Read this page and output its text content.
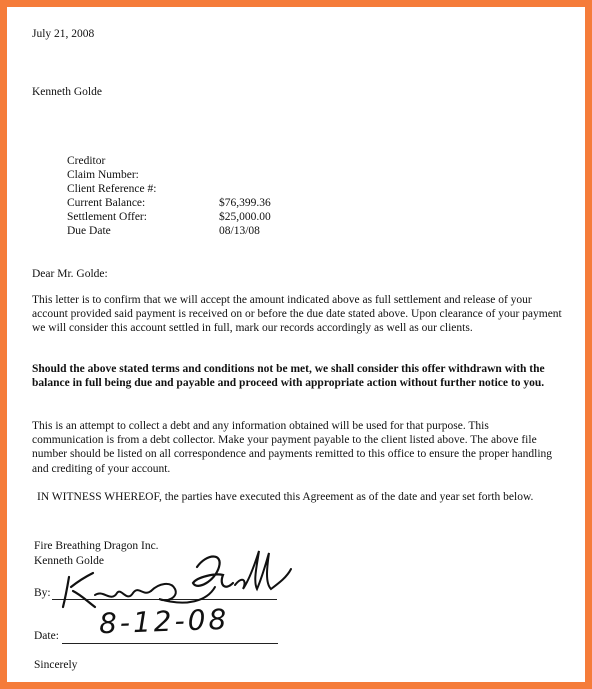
July 21, 2008
Kenneth Golde
Creditor
Claim Number:
Client Reference #:
Current Balance:	$76,399.36
Settlement Offer:	$25,000.00
Due Date	08/13/08
Dear Mr. Golde:
This letter is to confirm that we will accept the amount indicated above as full settlement and release of your account provided said payment is received on or before the due date stated above. Upon clearance of your payment we will consider this account settled in full, mark our records accordingly as well as our clients.
Should the above stated terms and conditions not be met, we shall consider this offer withdrawn with the balance in full being due and payable and proceed with appropriate action without further notice to you.
This is an attempt to collect a debt and any information obtained will be used for that purpose. This communication is from a debt collector. Make your payment payable to the client listed above. The above file number should be listed on all correspondence and payments remitted to this office to ensure the proper handling and crediting of your account.
IN WITNESS WHEREOF, the parties have executed this Agreement as of the date and year set forth below.
Fire Breathing Dragon Inc.
Kenneth Golde
By:
Date: 8-12-08
Sincerely
